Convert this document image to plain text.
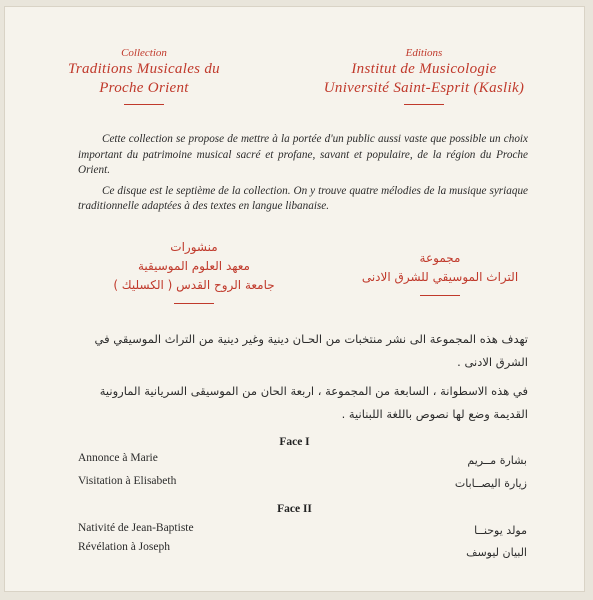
Collection
Traditions Musicales du
Proche Orient
Editions
Institut de Musicologie
Université Saint-Esprit (Kaslik)

Cette collection se propose de mettre à la portée d'un public aussi vaste que possible un choix important du patrimoine musical sacré et profane, savant et populaire, de la région du Proche Orient.

Ce disque est le septième de la collection. On y trouve quatre mélodies de la musique syriaque traditionnelle adaptées à des textes en langue libanaise.

منشورات
معهد العلوم الموسيقية
جامعة الروح القدس ( الكسليك )
مجموعة
التراث الموسيقي للشرق الادنى

تهدف هذه المجموعة الى نشر منتخبات من الحـان دينية وغير دينية من التراث الموسيقي في الشرق الادنى .

في هذه الاسطوانة ، السابعة من المجموعة ، اربعة الحان من الموسيقى السريانية المارونية القديمة وضع لها نصوص باللغة اللبنانية .

Face I
Annonce à Marie	بشارة مــريم
Visitation à Elisabeth	زيارة اليصــابات
Face II
Nativité de Jean-Baptiste	مولد يوحنــا
Révélation à Joseph	البيان ليوسف
